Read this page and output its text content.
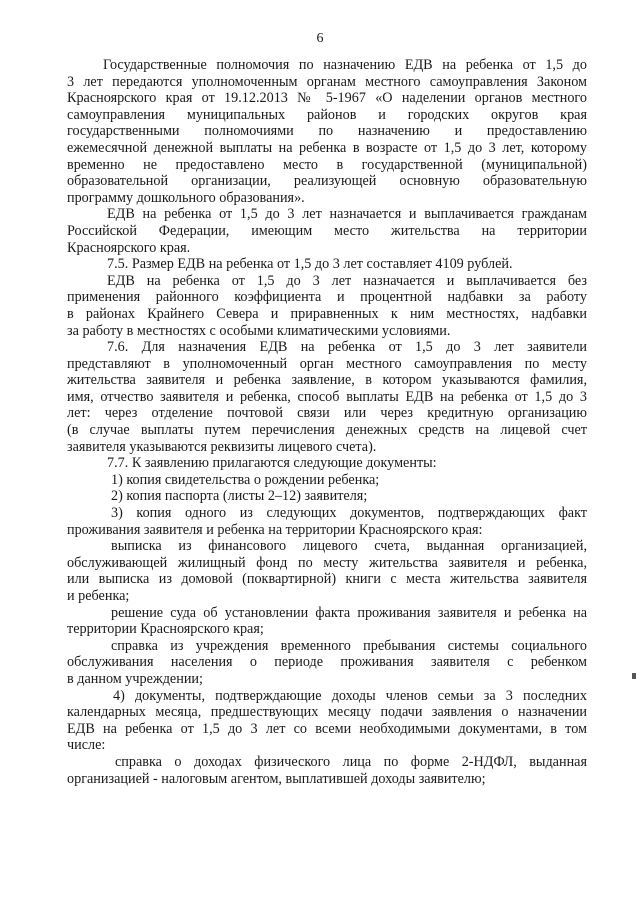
6
Государственные полномочия по назначению ЕДВ на ребенка от 1,5 до
3 лет передаются уполномоченным органам местного самоуправления Законом
Красноярского края от 19.12.2013 № 5-1967 «О наделении органов местного
самоуправления муниципальных районов и городских округов края
государственными полномочиями по назначению и предоставлению
ежемесячной денежной выплаты на ребенка в возрасте от 1,5 до 3 лет, которому
временно не предоставлено место в государственной (муниципальной)
образовательной организации, реализующей основную образовательную
программу дошкольного образования».
ЕДВ на ребенка от 1,5 до 3 лет назначается и выплачивается гражданам
Российской Федерации, имеющим место жительства на территории
Красноярского края.
7.5. Размер ЕДВ на ребенка от 1,5 до 3 лет составляет 4109 рублей.
ЕДВ на ребенка от 1,5 до 3 лет назначается и выплачивается без
применения районного коэффициента и процентной надбавки за работу
в районах Крайнего Севера и приравненных к ним местностях, надбавки
за работу в местностях с особыми климатическими условиями.
7.6. Для назначения ЕДВ на ребенка от 1,5 до 3 лет заявители
представляют в уполномоченный орган местного самоуправления по месту
жительства заявителя и ребенка заявление, в котором указываются фамилия,
имя, отчество заявителя и ребенка, способ выплаты ЕДВ на ребенка от 1,5 до 3
лет: через отделение почтовой связи или через кредитную организацию
(в случае выплаты путем перечисления денежных средств на лицевой счет
заявителя указываются реквизиты лицевого счета).
7.7. К заявлению прилагаются следующие документы:
1) копия свидетельства о рождении ребенка;
2) копия паспорта (листы 2–12) заявителя;
3) копия одного из следующих документов, подтверждающих факт
проживания заявителя и ребенка на территории Красноярского края:
выписка из финансового лицевого счета, выданная организацией,
обслуживающей жилищный фонд по месту жительства заявителя и ребенка,
или выписка из домовой (поквартирной) книги с места жительства заявителя
и ребенка;
решение суда об установлении факта проживания заявителя и ребенка на
территории Красноярского края;
справка из учреждения временного пребывания системы социального
обслуживания населения о периоде проживания заявителя с ребенком
в данном учреждении;
4) документы, подтверждающие доходы членов семьи за 3 последних
календарных месяца, предшествующих месяцу подачи заявления о назначении
ЕДВ на ребенка от 1,5 до 3 лет со всеми необходимыми документами, в том
числе:
справка о доходах физического лица по форме 2-НДФЛ, выданная
организацией - налоговым агентом, выплатившей доходы заявителю;
